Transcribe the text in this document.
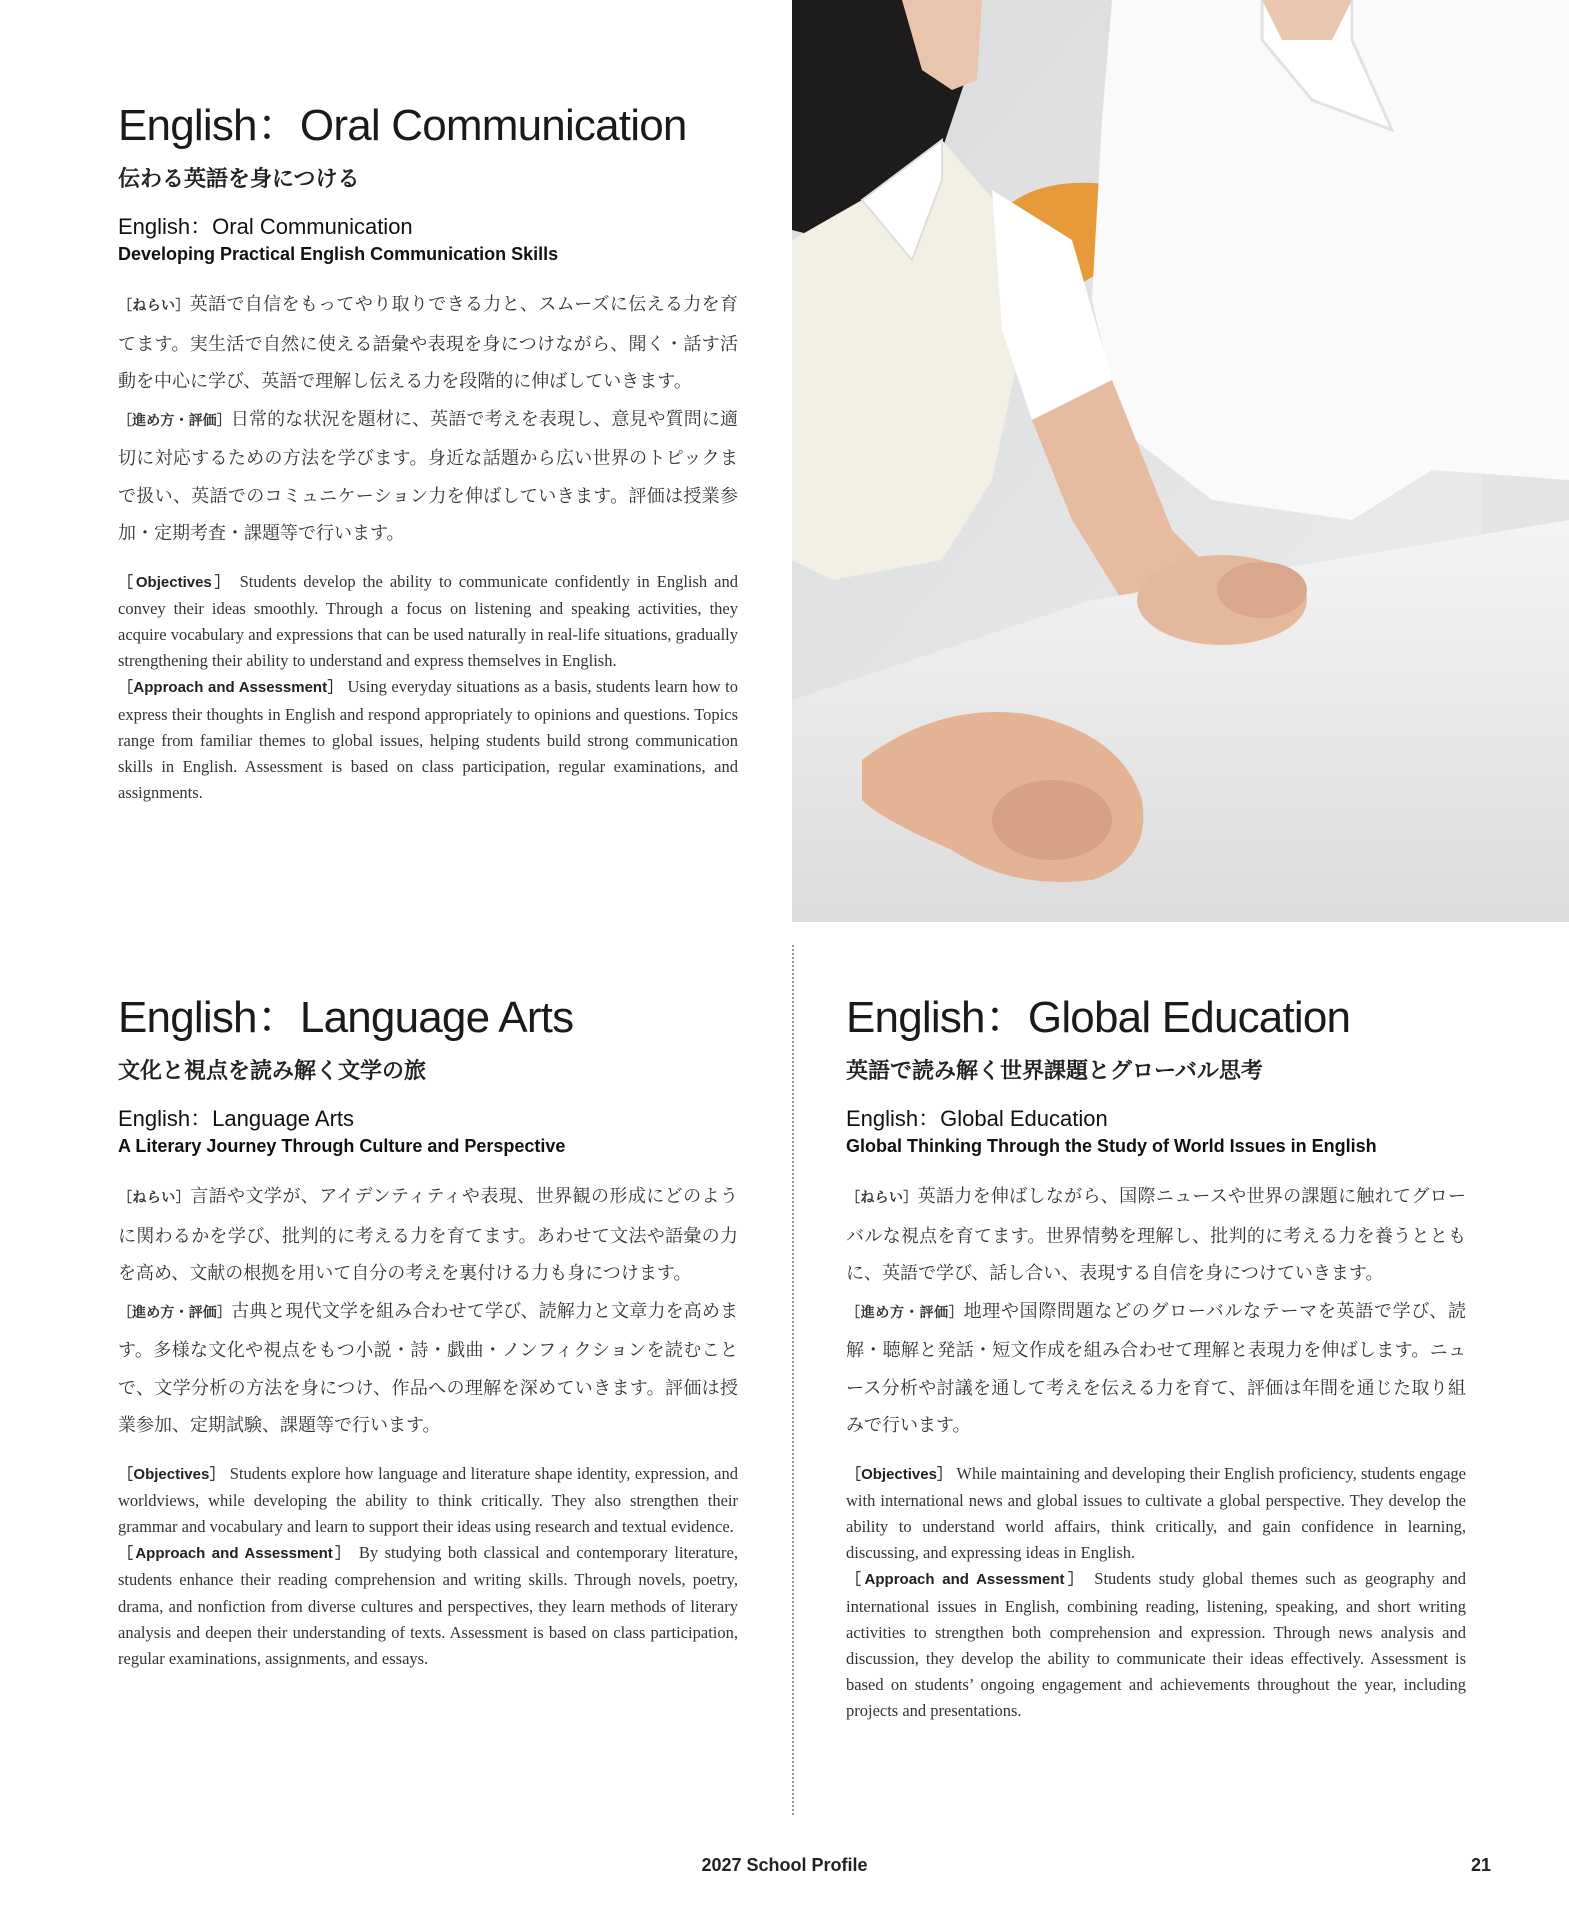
English：Oral Communication
伝わる英語を身につける
English：Oral Communication
Developing Practical English Communication Skills

［ねらい］英語で自信をもってやり取りできる力と、スムーズに伝える力を育てます。実生活で自然に使える語彙や表現を身につけながら、聞く・話す活動を中心に学び、英語で理解し伝える力を段階的に伸ばしていきます。

［進め方・評価］日常的な状況を題材に、英語で考えを表現し、意見や質問に適切に対応するための方法を学びます。身近な話題から広い世界のトピックまで扱い、英語でのコミュニケーション力を伸ばしていきます。評価は授業参加・定期考査・課題等で行います。

［Objectives］ Students develop the ability to communicate confidently in English and convey their ideas smoothly. Through a focus on listening and speaking activities, they acquire vocabulary and expressions that can be used naturally in real-life situations, gradually strengthening their ability to understand and express themselves in English.

［Approach and Assessment］ Using everyday situations as a basis, students learn how to express their thoughts in English and respond appropriately to opinions and questions. Topics range from familiar themes to global issues, helping students build strong communication skills in English. Assessment is based on class participation, regular examinations, and assignments.

English：Language Arts
文化と視点を読み解く文学の旅
English：Language Arts
A Literary Journey Through Culture and Perspective

［ねらい］言語や文学が、アイデンティティや表現、世界観の形成にどのように関わるかを学び、批判的に考える力を育てます。あわせて文法や語彙の力を高め、文献の根拠を用いて自分の考えを裏付ける力も身につけます。

［進め方・評価］古典と現代文学を組み合わせて学び、読解力と文章力を高めます。多様な文化や視点をもつ小説・詩・戯曲・ノンフィクションを読むことで、文学分析の方法を身につけ、作品への理解を深めていきます。評価は授業参加、定期試験、課題等で行います。

［Objectives］ Students explore how language and literature shape identity, expression, and worldviews, while developing the ability to think critically. They also strengthen their grammar and vocabulary and learn to support their ideas using research and textual evidence.

［Approach and Assessment］ By studying both classical and contemporary literature, students enhance their reading comprehension and writing skills. Through novels, poetry, drama, and nonfiction from diverse cultures and perspectives, they learn methods of literary analysis and deepen their understanding of texts. Assessment is based on class participation, regular examinations, assignments, and essays.

English：Global Education
英語で読み解く世界課題とグローバル思考
English：Global Education
Global Thinking Through the Study of World Issues in English

［ねらい］英語力を伸ばしながら、国際ニュースや世界の課題に触れてグローバルな視点を育てます。世界情勢を理解し、批判的に考える力を養うとともに、英語で学び、話し合い、表現する自信を身につけていきます。

［進め方・評価］地理や国際問題などのグローバルなテーマを英語で学び、読解・聴解と発話・短文作成を組み合わせて理解と表現力を伸ばします。ニュース分析や討議を通して考えを伝える力を育て、評価は年間を通じた取り組みで行います。

［Objectives］ While maintaining and developing their English proficiency, students engage with international news and global issues to cultivate a global perspective. They develop the ability to understand world affairs, think critically, and gain confidence in learning, discussing, and expressing ideas in English.

［Approach and Assessment］ Students study global themes such as geography and international issues in English, combining reading, listening, speaking, and short writing activities to strengthen both comprehension and expression. Through news analysis and discussion, they develop the ability to communicate their ideas effectively. Assessment is based on students’ ongoing engagement and achievements throughout the year, including projects and presentations.

2027 School Profile	21
